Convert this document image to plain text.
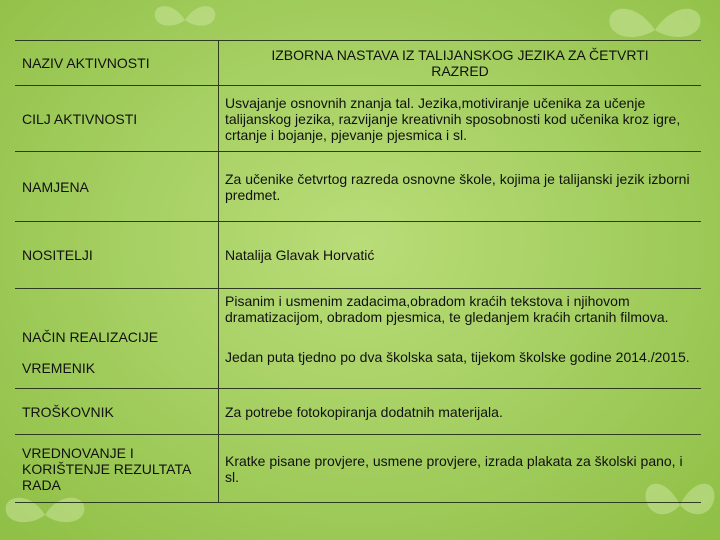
NAZIV AKTIVNOSTI	IZBORNA NASTAVA IZ TALIJANSKOG JEZIKA ZA ČETVRTI RAZRED
CILJ AKTIVNOSTI	Usvajanje osnovnih znanja tal. Jezika,motiviranje učenika za učenje talijanskog jezika, razvijanje kreativnih sposobnosti kod učenika kroz igre, crtanje i bojanje, pjevanje pjesmica i sl.
NAMJENA	Za učenike četvrtog razreda osnovne škole, kojima je talijanski jezik izborni predmet.
NOSITELJI	Natalija Glavak Horvatić
NAČIN REALIZACIJE	Pisanim i usmenim zadacima,obradom kraćih tekstova i njihovom dramatizacijom, obradom pjesmica, te gledanjem kraćih crtanih filmova.
VREMENIK	Jedan puta tjedno po dva školska sata, tijekom školske godine 2014./2015.
TROŠKOVNIK	Za potrebe fotokopiranja dodatnih materijala.
VREDNOVANJE I KORIŠTENJE REZULTATA RADA	Kratke pisane provjere, usmene provjere, izrada plakata za školski pano, i sl.
